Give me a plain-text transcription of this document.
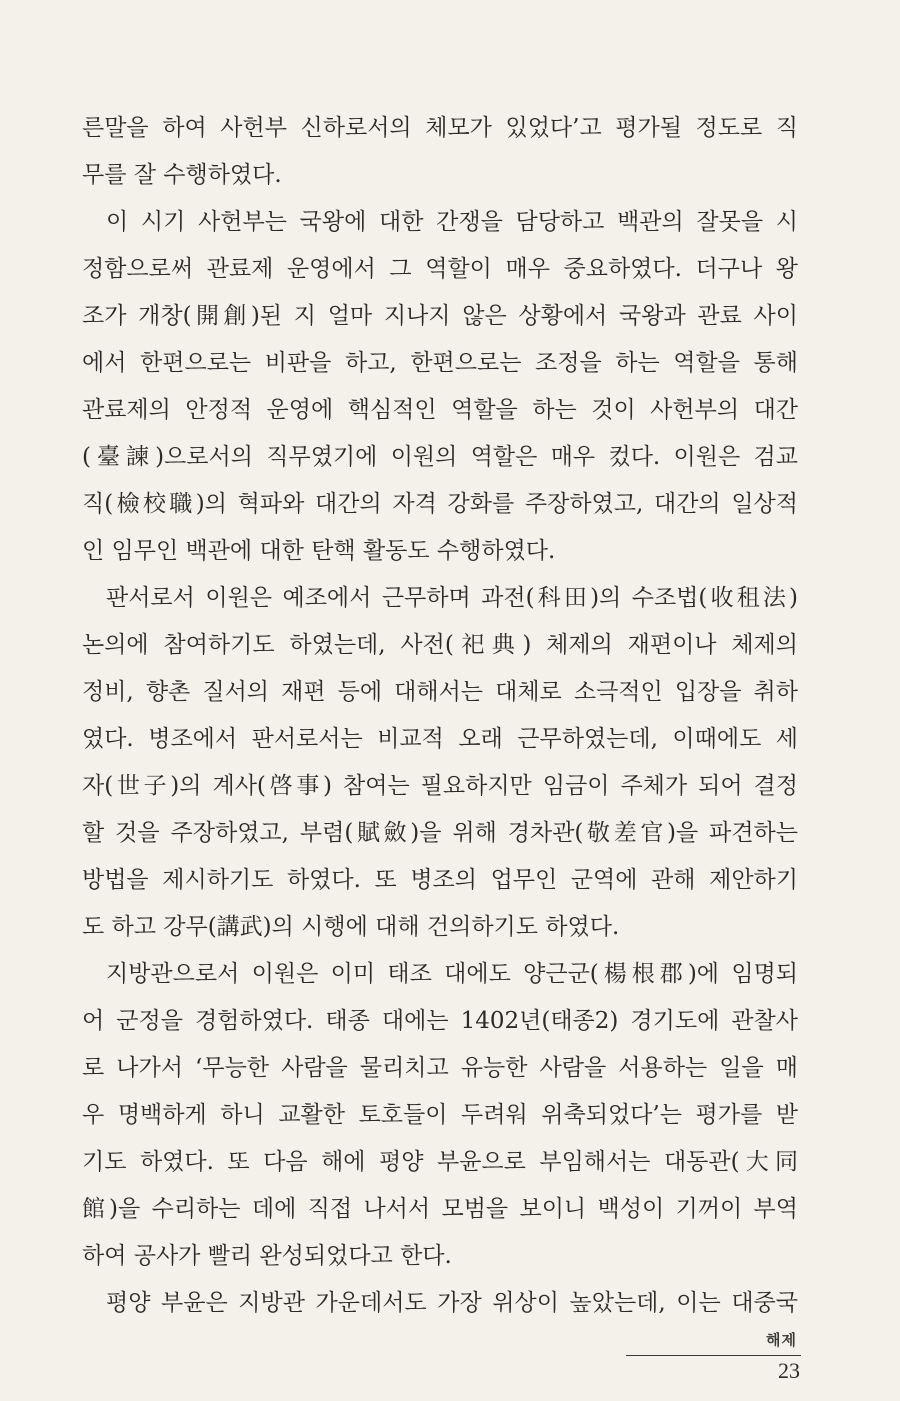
른말을 하여 사헌부 신하로서의 체모가 있었다’고 평가될 정도로 직
무를 잘 수행하였다.
이 시기 사헌부는 국왕에 대한 간쟁을 담당하고 백관의 잘못을 시
정함으로써 관료제 운영에서 그 역할이 매우 중요하였다. 더구나 왕
조가 개창(開創)된 지 얼마 지나지 않은 상황에서 국왕과 관료 사이
에서 한편으로는 비판을 하고, 한편으로는 조정을 하는 역할을 통해
관료제의 안정적 운영에 핵심적인 역할을 하는 것이 사헌부의 대간
(臺諫)으로서의 직무였기에 이원의 역할은 매우 컸다. 이원은 검교
직(檢校職)의 혁파와 대간의 자격 강화를 주장하였고, 대간의 일상적
인 임무인 백관에 대한 탄핵 활동도 수행하였다.
판서로서 이원은 예조에서 근무하며 과전(科田)의 수조법(收租法)
논의에 참여하기도 하였는데, 사전(祀典) 체제의 재편이나 체제의
정비, 향촌 질서의 재편 등에 대해서는 대체로 소극적인 입장을 취하
였다. 병조에서 판서로서는 비교적 오래 근무하였는데, 이때에도 세
자(世子)의 계사(啓事) 참여는 필요하지만 임금이 주체가 되어 결정
할 것을 주장하였고, 부렴(賦斂)을 위해 경차관(敬差官)을 파견하는
방법을 제시하기도 하였다. 또 병조의 업무인 군역에 관해 제안하기
도 하고 강무(講武)의 시행에 대해 건의하기도 하였다.
지방관으로서 이원은 이미 태조 대에도 양근군(楊根郡)에 임명되
어 군정을 경험하였다. 태종 대에는 1402년(태종2) 경기도에 관찰사
로 나가서 ‘무능한 사람을 물리치고 유능한 사람을 서용하는 일을 매
우 명백하게 하니 교활한 토호들이 두려워 위축되었다’는 평가를 받
기도 하였다. 또 다음 해에 평양 부윤으로 부임해서는 대동관(大同
館)을 수리하는 데에 직접 나서서 모범을 보이니 백성이 기꺼이 부역
하여 공사가 빨리 완성되었다고 한다.
평양 부윤은 지방관 가운데서도 가장 위상이 높았는데, 이는 대중국
해제
23
